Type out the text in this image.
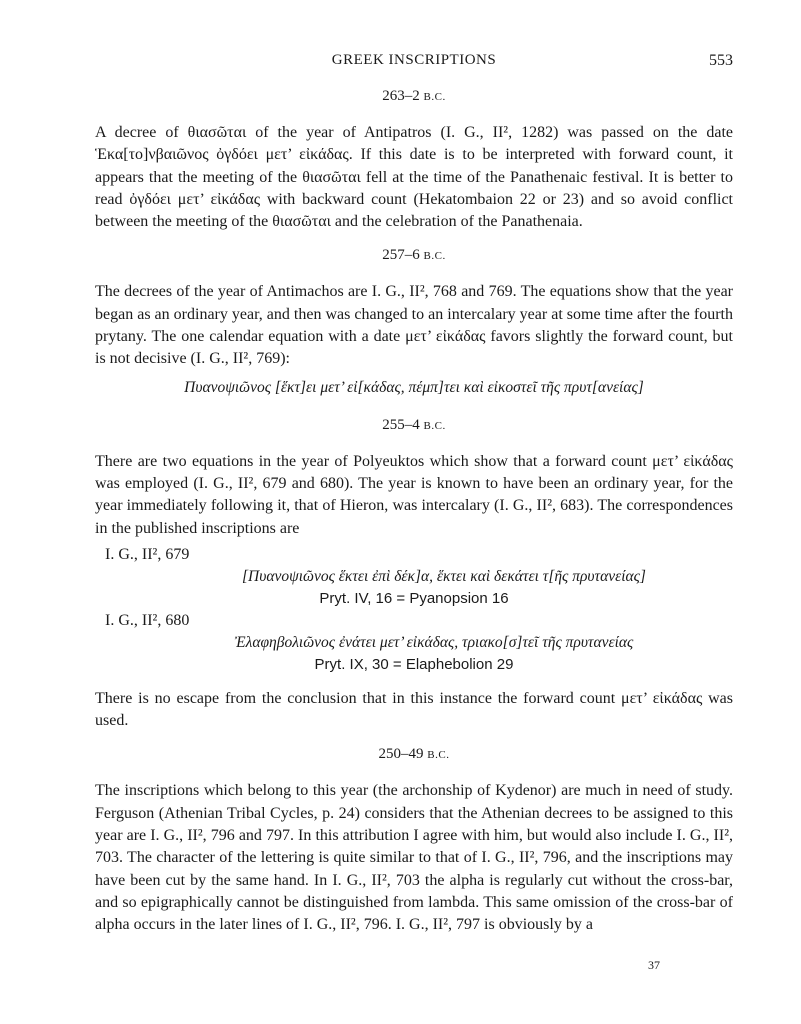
GREEK INSCRIPTIONS	553
263–2 B.C.

A decree of θιασῶται of the year of Antipatros (I. G., II², 1282) was passed on the date Ἑκα[το]νβαιῶνος ὀγδόει μετ’ εἰκάδας. If this date is to be interpreted with forward count, it appears that the meeting of the θιασῶται fell at the time of the Panathenaic festival. It is better to read ὀγδόει μετ’ εἰκάδας with backward count (Hekatombaion 22 or 23) and so avoid conflict between the meeting of the θιασῶται and the celebration of the Panathenaia.

257–6 B.C.

The decrees of the year of Antimachos are I. G., II², 768 and 769. The equations show that the year began as an ordinary year, and then was changed to an intercalary year at some time after the fourth prytany. The one calendar equation with a date μετ’ εἰκάδας favors slightly the forward count, but is not decisive (I. G., II², 769):

Πυανοψιῶνος [ἕκτ]ει μετ’ εἰ[κάδας, πέμπ]τει καὶ εἰκοστεῖ τῆς πρυτ[ανείας]

255–4 B.C.

There are two equations in the year of Polyeuktos which show that a forward count μετ’ εἰκάδας was employed (I. G., II², 679 and 680). The year is known to have been an ordinary year, for the year immediately following it, that of Hieron, was intercalary (I. G., II², 683). The correspondences in the published inscriptions are

I. G., II², 679

[Πυανοψιῶνος ἕκτει ἐπὶ δέκ]α, ἕκτει καὶ δεκάτει τ[ῆς πρυτανείας]

Pryt. IV, 16 = Pyanopsion 16

I. G., II², 680

Ἐλαφηβολιῶνος ἐνάτει μετ’ εἰκάδας, τριακο[σ]τεῖ τῆς πρυτανείας

Pryt. IX, 30 = Elaphebolion 29

There is no escape from the conclusion that in this instance the forward count μετ’ εἰκάδας was used.

250–49 B.C.

The inscriptions which belong to this year (the archonship of Kydenor) are much in need of study. Ferguson (Athenian Tribal Cycles, p. 24) considers that the Athenian decrees to be assigned to this year are I. G., II², 796 and 797. In this attribution I agree with him, but would also include I. G., II², 703. The character of the lettering is quite similar to that of I. G., II², 796, and the inscriptions may have been cut by the same hand. In I. G., II², 703 the alpha is regularly cut without the cross-bar, and so epigraphically cannot be distinguished from lambda. This same omission of the cross-bar of alpha occurs in the later lines of I. G., II², 796. I. G., II², 797 is obviously by a

37
